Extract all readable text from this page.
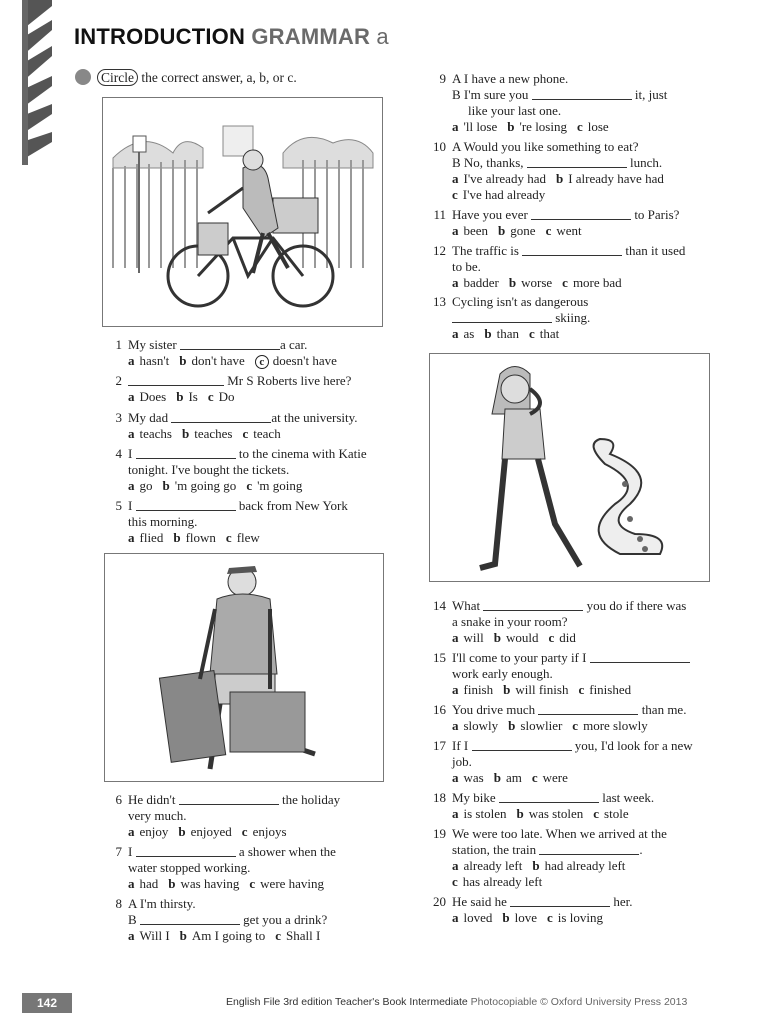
INTRODUCTION GRAMMAR a
Circle the correct answer, a, b, or c.
1 My sister	a car.
a hasn't b don't have c doesn't have
2	Mr S Roberts live here?
a Does b Is c Do
3 My dad	at the university.
a teachs b teaches c teach
4 I	to the cinema with Katie
tonight. I've bought the tickets.
a go b 'm going go c 'm going
5 I	back from New York
this morning.
a flied b flown c flew
6 He didn't	the holiday
very much.
a enjoy b enjoyed c enjoys
7 I	a shower when the
water stopped working.
a had b was having c were having
8 A I'm thirsty.
B	get you a drink?
a Will I b Am I going to c Shall I
9 A I have a new phone.
B I'm sure you	it, just
like your last one.
a 'll lose b 're losing c lose
10 A Would you like something to eat?
B No, thanks,	lunch.
a I've already had b I already have had
c I've had already
11 Have you ever	to Paris?
a been b gone c went
12 The traffic is	than it used
to be.
a badder b worse c more bad
13 Cycling isn't as dangerous
skiing.
a as b than c that
14 What	you do if there was
a snake in your room?
a will b would c did
15 I'll come to your party if I
work early enough.
a finish b will finish c finished
16 You drive much	than me.
a slowly b slowlier c more slowly
17 If I	you, I'd look for a new
job.
a was b am c were
18 My bike	last week.
a is stolen b was stolen c stole
19 We were too late. When we arrived at the
station, the train	.
a already left b had already left
c has already left
20 He said he	her.
a loved b love c is loving
142	English File 3rd edition Teacher's Book Intermediate Photocopiable © Oxford University Press 2013
